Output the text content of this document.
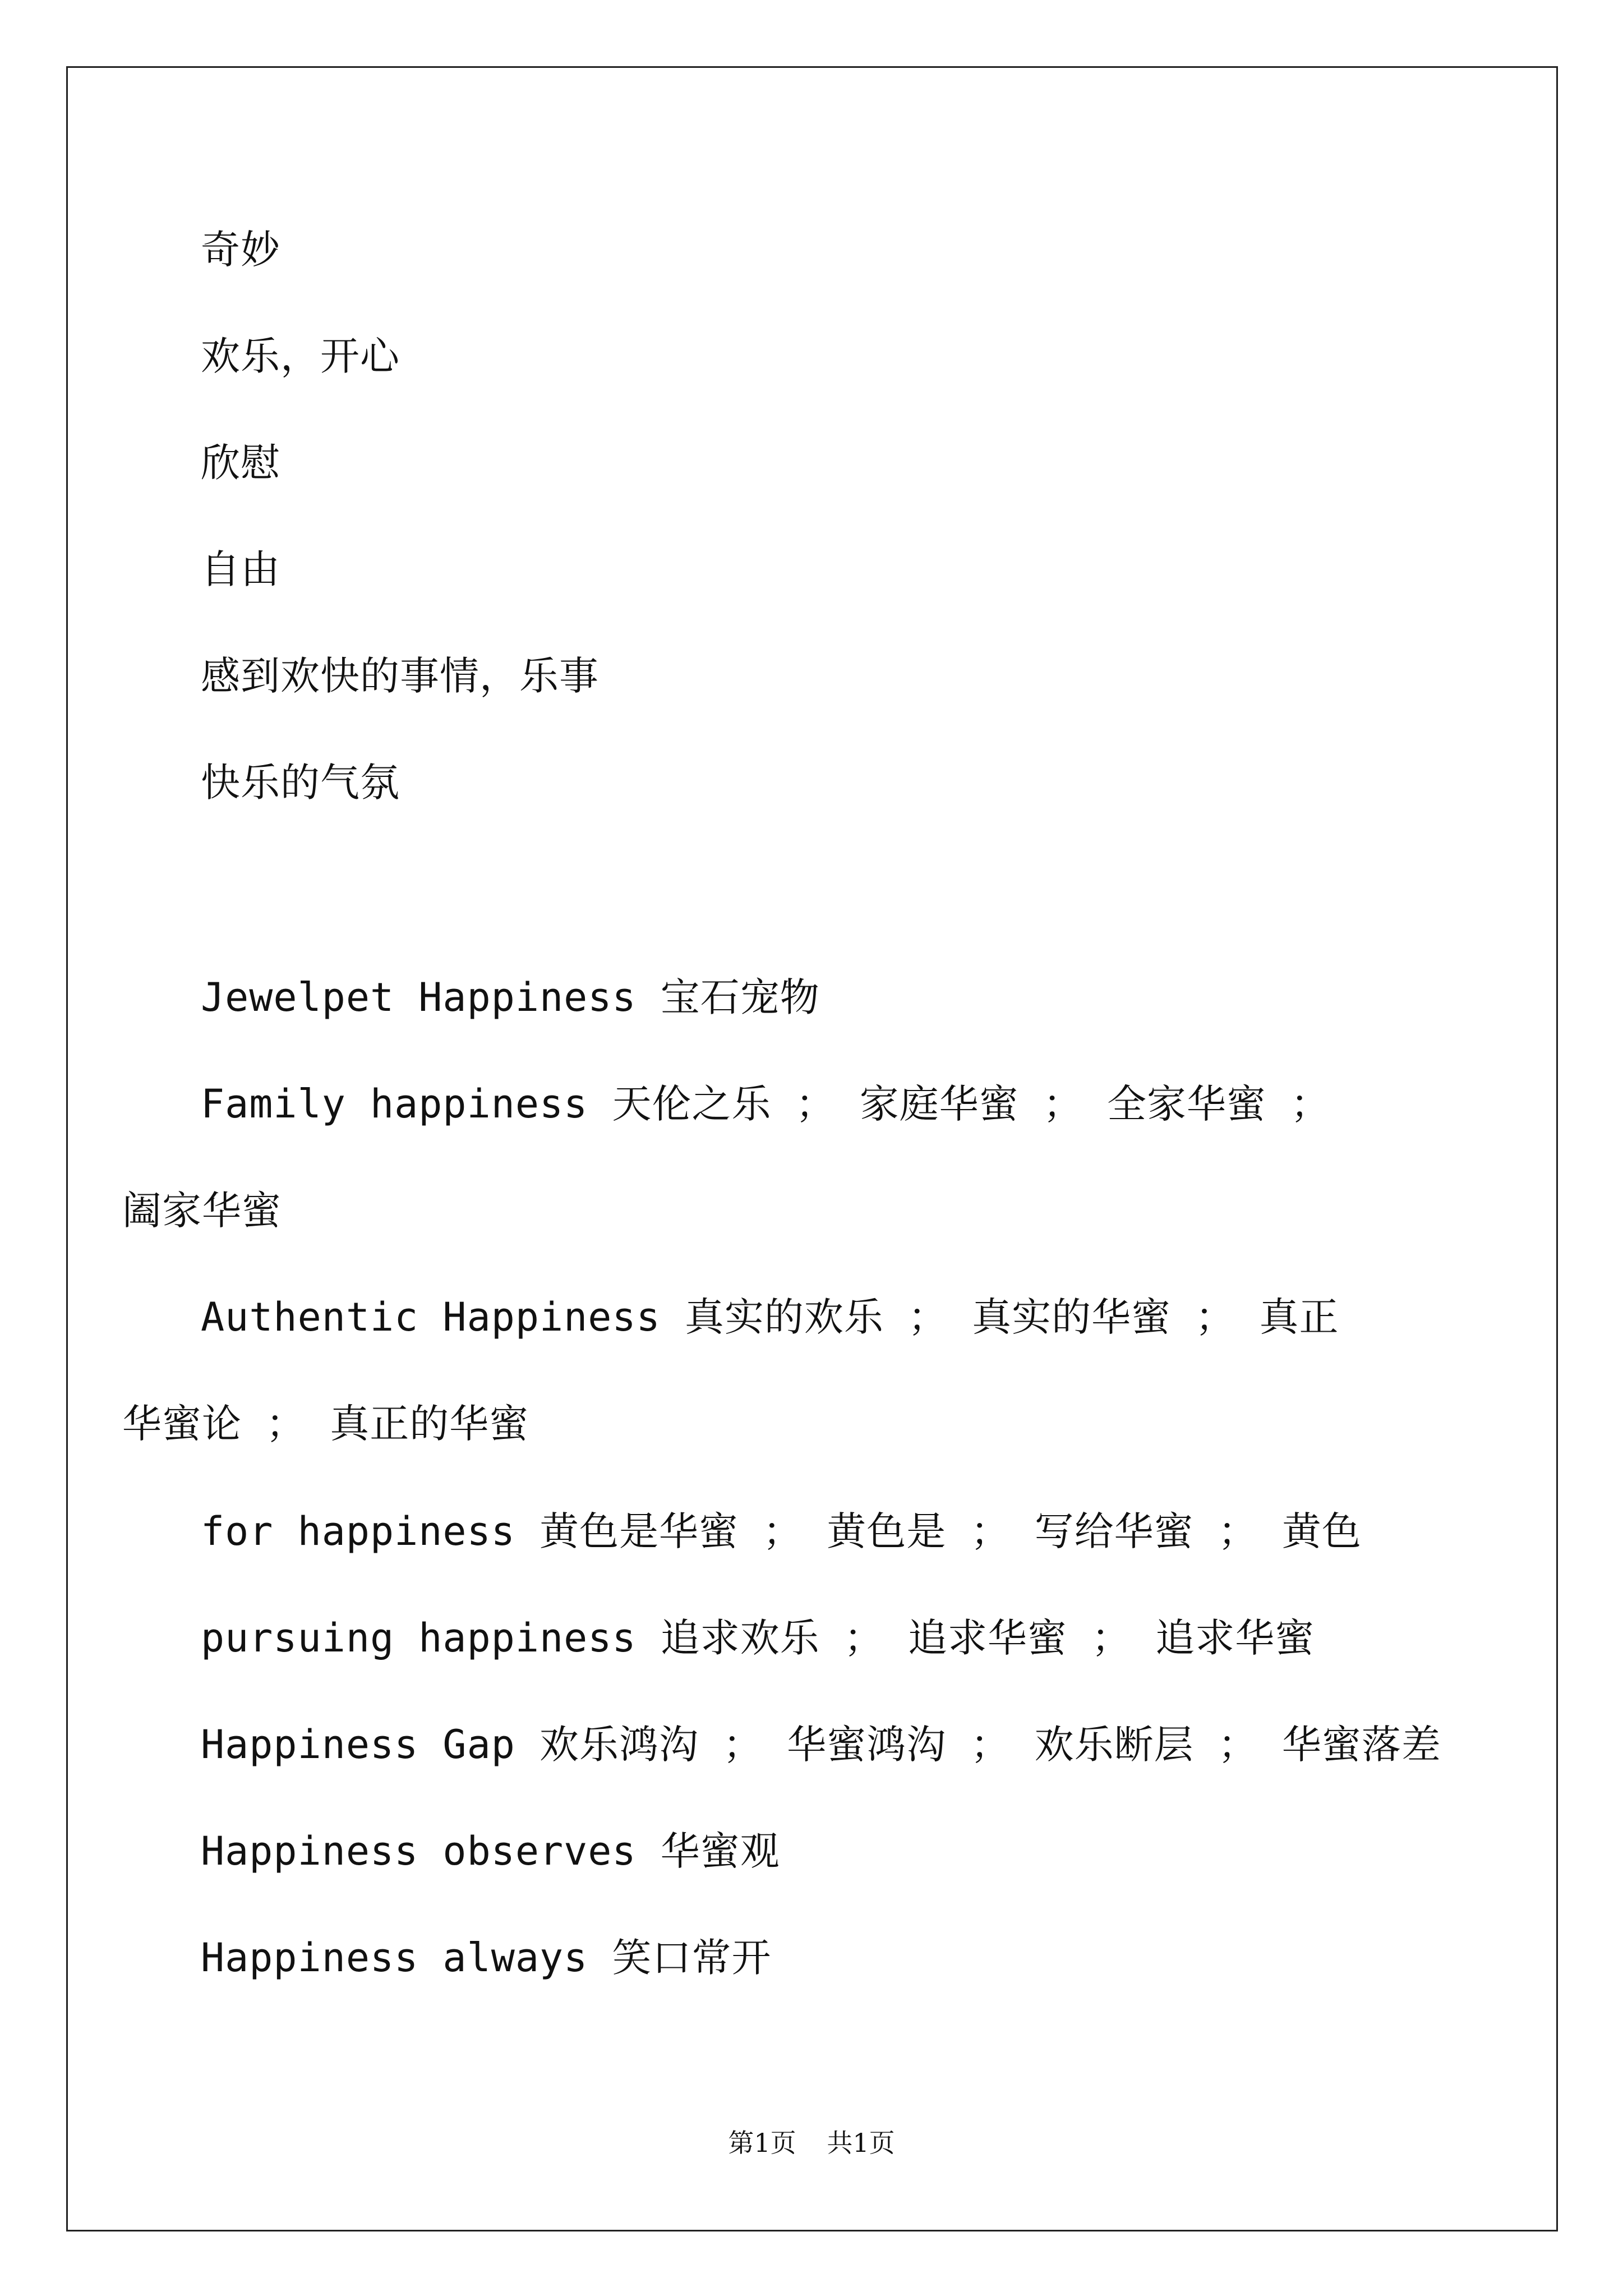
奇妙
欢乐，开心
欣慰
自由
感到欢快的事情，乐事
快乐的气氛
Jewelpet Happiness 宝石宠物
Family happiness 天伦之乐 ； 家庭华蜜 ； 全家华蜜 ； 阖家华蜜
Authentic Happiness 真实的欢乐 ； 真实的华蜜 ； 真正华蜜论 ； 真正的华蜜
for happiness 黄色是华蜜 ； 黄色是 ； 写给华蜜 ； 黄色
pursuing happiness 追求欢乐 ； 追求华蜜 ； 追求华蜜
Happiness Gap 欢乐鸿沟 ； 华蜜鸿沟 ； 欢乐断层 ； 华蜜落差
Happiness observes 华蜜观
Happiness always 笑口常开
第1页 共1页
